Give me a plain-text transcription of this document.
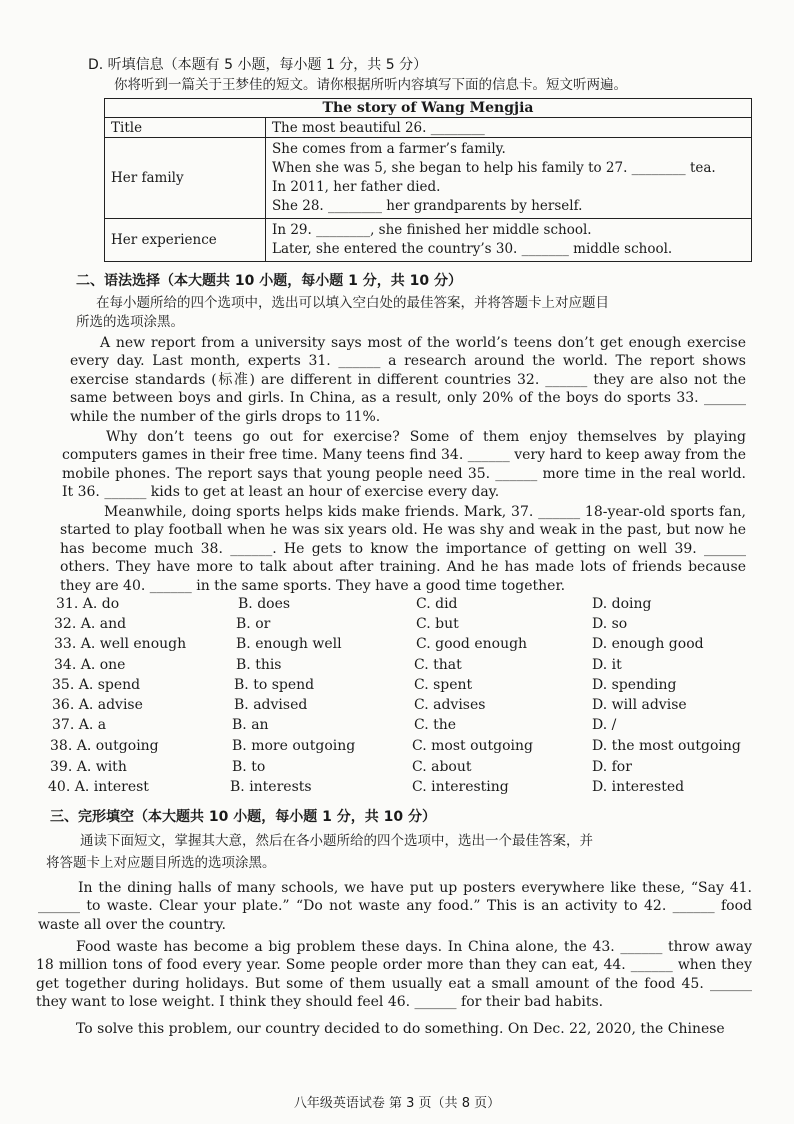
D. 听填信息（本题有 5 小题，每小题 1 分，共 5 分）
你将听到一篇关于王梦佳的短文。请你根据所听内容填写下面的信息卡。短文听两遍。
The story of Wang Mengjia	
Title	The most beautiful 26. ________
Her family	She comes from a farmer’s family.
When she was 5, she began to help his family to 27. ________ tea.
In 2011, her father died.
She 28. ________ her grandparents by herself.

Her experience	In 29. ________, she finished her middle school.
Later, she entered the country’s 30. _______ middle school.
二、语法选择（本大题共 10 小题，每小题 1 分，共 10 分）
在每小题所给的四个选项中，选出可以填入空白处的最佳答案，并将答题卡上对应题目
所选的选项涂黑。

A new report from a university says most of the world’s teens don’t get enough exercise every day. Last month, experts 31. ______ a research around the world. The report shows exercise standards (标准) are different in different countries 32. ______ they are also not the same between boys and girls. In China, as a result, only 20% of the boys do sports 33. ______ while the number of the girls drops to 11%.

Why don’t teens go out for exercise? Some of them enjoy themselves by playing computers games in their free time. Many teens find 34. ______ very hard to keep away from the mobile phones. The report says that young people need 35. ______ more time in the real world. It 36. ______ kids to get at least an hour of exercise every day.

Meanwhile, doing sports helps kids make friends. Mark, 37. ______ 18-year-old sports fan, started to play football when he was six years old. He was shy and weak in the past, but now he has become much 38. ______. He gets to know the importance of getting on well 39. ______ others. They have more to talk about after training. And he has made lots of friends because they are 40. ______ in the same sports. They have a good time together.

31. A. do	B. does	C. did	D. doing
32. A. and	B. or	C. but	D. so
33. A. well enough	B. enough well	C. good enough	D. enough good
34. A. one	B. this	C. that	D. it
35. A. spend	B. to spend	C. spent	D. spending
36. A. advise	B. advised	C. advises	D. will advise
37. A. a	B. an	C. the	D. /
38. A. outgoing	B. more outgoing	C. most outgoing	D. the most outgoing
39. A. with	B. to	C. about	D. for
40. A. interest	B. interests	C. interesting	D. interested
三、完形填空（本大题共 10 小题，每小题 1 分，共 10 分）
通读下面短文，掌握其大意，然后在各小题所给的四个选项中，选出一个最佳答案，并
将答题卡上对应题目所选的选项涂黑。

In the dining halls of many schools, we have put up posters everywhere like these, “Say 41. ______ to waste. Clear your plate.” “Do not waste any food.” This is an activity to 42. ______ food waste all over the country.

Food waste has become a big problem these days. In China alone, the 43. ______ throw away 18 million tons of food every year. Some people order more than they can eat, 44. ______ when they get together during holidays. But some of them usually eat a small amount of the food 45. ______ they want to lose weight. I think they should feel 46. ______ for their bad habits.

To solve this problem, our country decided to do something. On Dec. 22, 2020, the Chinese

八年级英语试卷 第 3 页（共 8 页）
